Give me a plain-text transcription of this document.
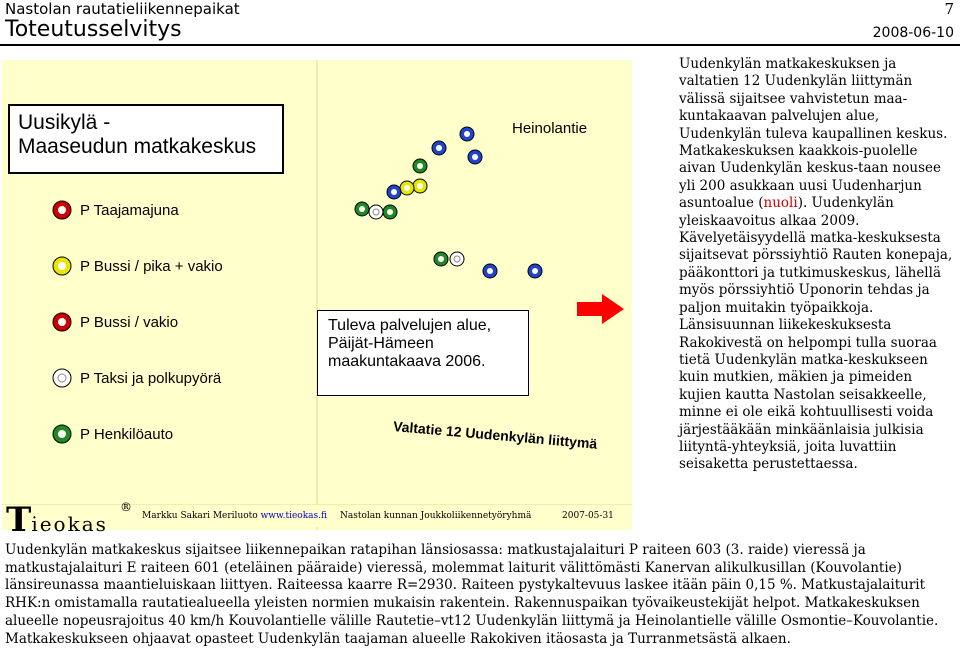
Nastolan rautatieliikennepaikat
Toteutusselvitys
7
2008-06-10
Uusikylä -
Maaseudun matkakeskus
P Taajamajuna
P Bussi / pika + vakio
P Bussi / vakio
P Taksi ja polkupyörä
P Henkilöauto
Tuleva palvelujen alue,
Päijät-Hämeen
maakuntakaava 2006.
Heinolantie
Valtatie 12 Uudenkylän liittymä
Tieokas
®
Markku Sakari Meriluoto www.tieokas.fi Nastolan kunnan Joukkoliikennetyöryhmä	2007-05-31
Uudenkylän matkakeskuksen ja valtatien 12 Uudenkylän liittymän välissä sijaitsee vahvistetun maa-kuntakaavan palvelujen alue, Uudenkylän tuleva kaupallinen keskus. Matkakeskuksen kaakkois-puolelle aivan Uudenkylän keskus-taan nousee yli 200 asukkaan uusi Uudenharjun asuntoalue (nuoli). Uudenkylän yleiskaavoitus alkaa 2009. Kävelyetäisyydellä matka-keskuksesta sijaitsevat pörssiyhtiö Rauten konepaja, pääkonttori ja tutkimuskeskus, lähellä myös pörssiyhtiö Uponorin tehdas ja paljon muitakin työpaikkoja. Länsisuunnan liikekeskuksesta Rakokivestä on helpompi tulla suoraa tietä Uudenkylän matka-keskukseen kuin mutkien, mäkien ja pimeiden kujien kautta Nastolan seisakkeelle, minne ei ole eikä kohtuullisesti voida järjestääkään minkäänlaisia julkisia liityntä-yhteyksiä, joita luvattiin seisaketta perustettaessa.
Uudenkylän matkakeskus sijaitsee liikennepaikan ratapihan länsiosassa: matkustajalaituri P raiteen 603 (3. raide) vieressä ja matkustajalaituri E raiteen 601 (eteläinen pääraide) vieressä, molemmat laiturit välittömästi Kanervan alikulkusillan (Kouvolantie) länsireunassa maantieluiskaan liittyen. Raiteessa kaarre R=2930. Raiteen pystykaltevuus laskee itään päin 0,15 %. Matkustajalaiturit RHK:n omistamalla rautatiealueella yleisten normien mukaisin rakentein. Rakennuspaikan työvaikeustekijät helpot. Matkakeskuksen alueelle nopeusrajoitus 40 km/h Kouvolantielle välille Rautetie–vt12 Uudenkylän liittymä ja Heinolantielle välille Osmontie–Kouvolantie. Matkakeskukseen ohjaavat opasteet Uudenkylän taajaman alueelle Rakokiven itäosasta ja Turranmetsästä alkaen.
